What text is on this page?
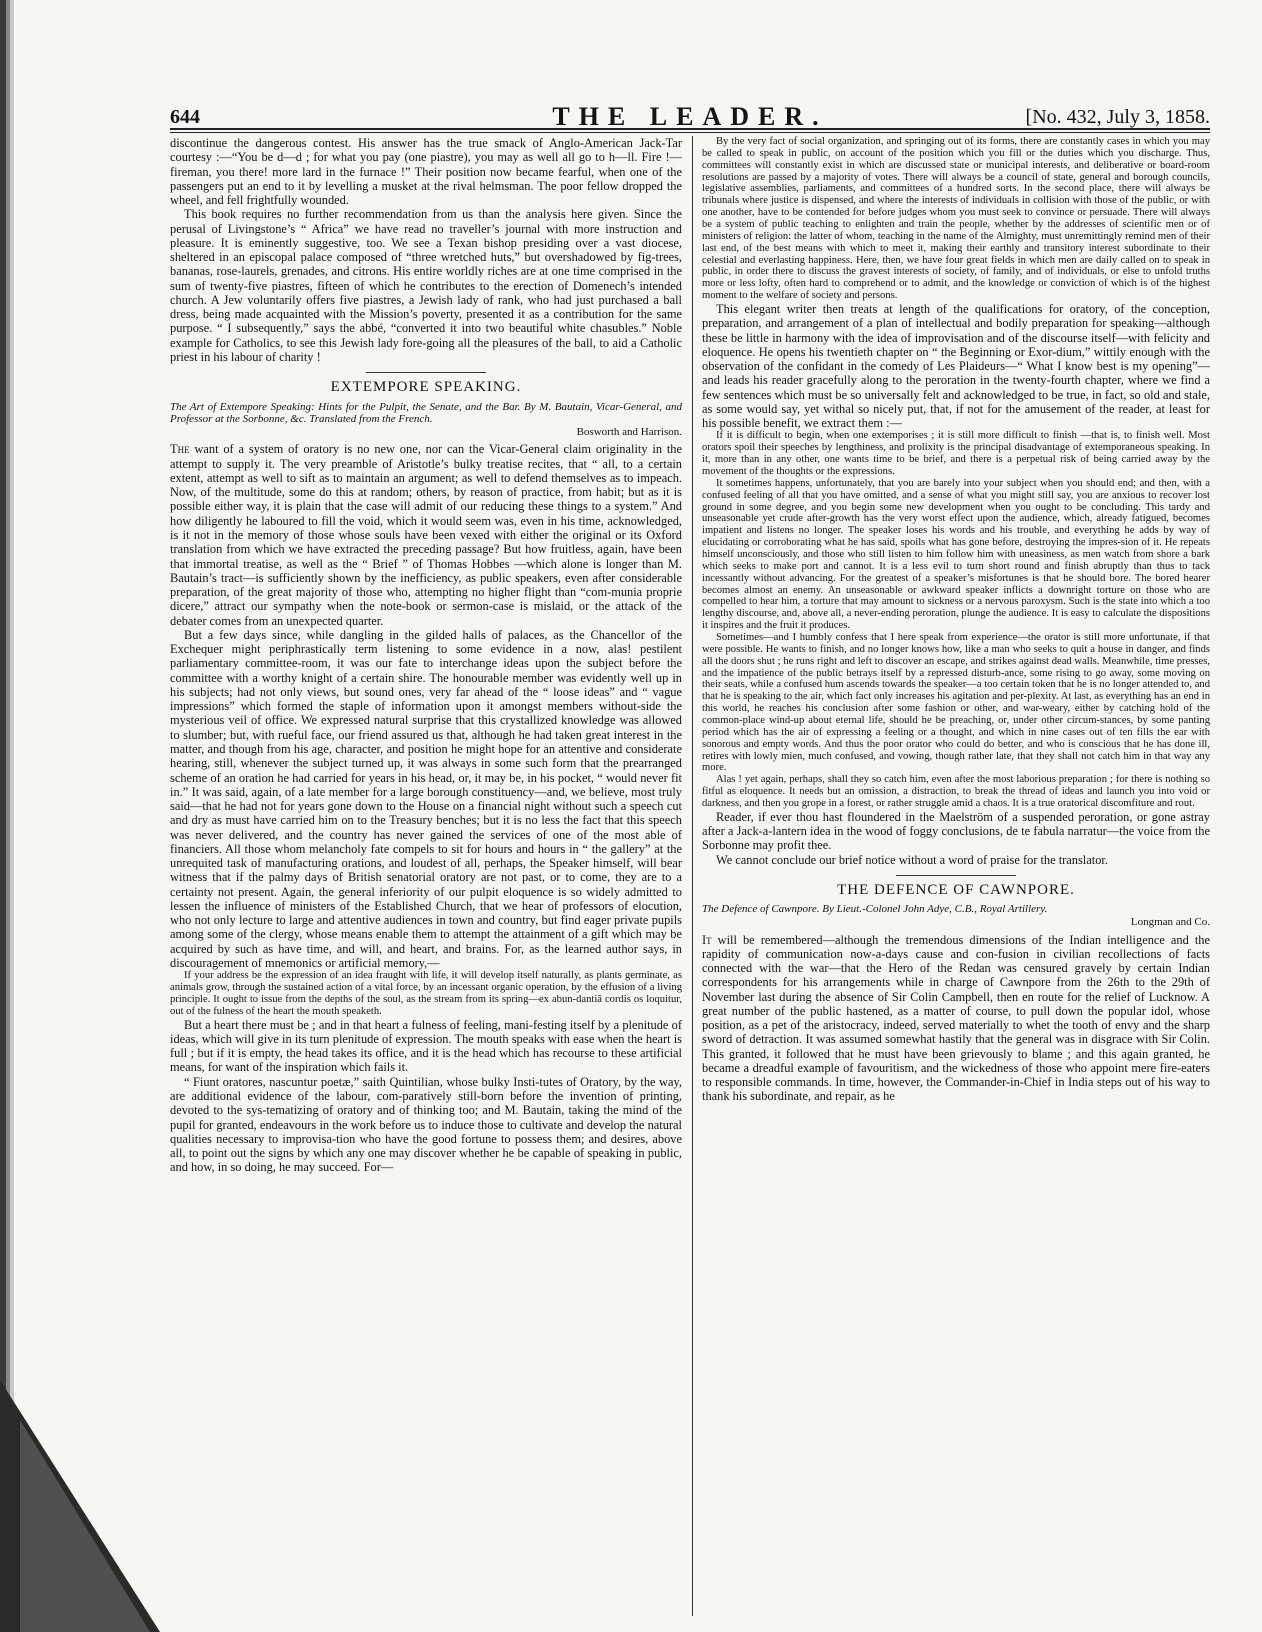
644	THE LEADER.	[No. 432, July 3, 1858.

discontinue the dangerous contest. His answer has the true smack of Anglo-American Jack-Tar courtesy :—“You be d—d ; for what you pay (one piastre), you may as well all go to h—ll. Fire !—fireman, you there! more lard in the furnace !” Their position now became fearful, when one of the passengers put an end to it by levelling a musket at the rival helmsman. The poor fellow dropped the wheel, and fell frightfully wounded.

This book requires no further recommendation from us than the analysis here given. Since the perusal of Livingstone’s “ Africa” we have read no traveller’s journal with more instruction and pleasure. It is eminently suggestive, too. We see a Texan bishop presiding over a vast diocese, sheltered in an episcopal palace composed of “three wretched huts,” but overshadowed by fig-trees, bananas, rose-laurels, grenades, and citrons. His entire worldly riches are at one time comprised in the sum of twenty-five piastres, fifteen of which he contributes to the erection of Domenech’s intended church. A Jew voluntarily offers five piastres, a Jewish lady of rank, who had just purchased a ball dress, being made acquainted with the Mission’s poverty, presented it as a contribution for the same purpose. “ I subsequently,” says the abbé, “converted it into two beautiful white chasubles.” Noble example for Catholics, to see this Jewish lady fore-going all the pleasures of the ball, to aid a Catholic priest in his labour of charity !

EXTEMPORE SPEAKING.

The Art of Extempore Speaking: Hints for the Pulpit, the Senate, and the Bar. By M. Bautain, Vicar-General, and Professor at the Sorbonne, &c. Translated from the French.
Bosworth and Harrison.

The want of a system of oratory is no new one, nor can the Vicar-General claim originality in the attempt to supply it. The very preamble of Aristotle’s bulky treatise recites, that “ all, to a certain extent, attempt as well to sift as to maintain an argument; as well to defend themselves as to impeach. Now, of the multitude, some do this at random; others, by reason of practice, from habit; but as it is possible either way, it is plain that the case will admit of our reducing these things to a system.” And how diligently he laboured to fill the void, which it would seem was, even in his time, acknowledged, is it not in the memory of those whose souls have been vexed with either the original or its Oxford translation from which we have extracted the preceding passage? But how fruitless, again, have been that immortal treatise, as well as the “ Brief ” of Thomas Hobbes —which alone is longer than M. Bautain’s tract—is sufficiently shown by the inefficiency, as public speakers, even after considerable preparation, of the great majority of those who, attempting no higher flight than “com-munia proprie dicere,” attract our sympathy when the note-book or sermon-case is mislaid, or the attack of the debater comes from an unexpected quarter.

But a few days since, while dangling in the gilded halls of palaces, as the Chancellor of the Exchequer might periphrastically term listening to some evidence in a now, alas! pestilent parliamentary committee-room, it was our fate to interchange ideas upon the subject before the committee with a worthy knight of a certain shire. The honourable member was evidently well up in his subjects; had not only views, but sound ones, very far ahead of the “ loose ideas” and “ vague impressions” which formed the staple of information upon it amongst members without-side the mysterious veil of office. We expressed natural surprise that this crystallized knowledge was allowed to slumber; but, with rueful face, our friend assured us that, although he had taken great interest in the matter, and though from his age, character, and position he might hope for an attentive and considerate hearing, still, whenever the subject turned up, it was always in some such form that the prearranged scheme of an oration he had carried for years in his head, or, it may be, in his pocket, “ would never fit in.” It was said, again, of a late member for a large borough constituency—and, we believe, most truly said—that he had not for years gone down to the House on a financial night without such a speech cut and dry as must have carried him on to the Treasury benches; but it is no less the fact that this speech was never delivered, and the country has never gained the services of one of the most able of financiers. All those whom melancholy fate compels to sit for hours and hours in “ the gallery” at the unrequited task of manufacturing orations, and loudest of all, perhaps, the Speaker himself, will bear witness that if the palmy days of British senatorial oratory are not past, or to come, they are to a certainty not present. Again, the general inferiority of our pulpit eloquence is so widely admitted to lessen the influence of ministers of the Established Church, that we hear of professors of elocution, who not only lecture to large and attentive audiences in town and country, but find eager private pupils among some of the clergy, whose means enable them to attempt the attainment of a gift which may be acquired by such as have time, and will, and heart, and brains. For, as the learned author says, in discouragement of mnemonics or artificial memory,—

If your address be the expression of an idea fraught with life, it will develop itself naturally, as plants germinate, as animals grow, through the sustained action of a vital force, by an incessant organic operation, by the effusion of a living principle. It ought to issue from the depths of the soul, as the stream from its spring—ex abun-dantiâ cordis os loquitur, out of the fulness of the heart the mouth speaketh.

But a heart there must be ; and in that heart a fulness of feeling, mani-festing itself by a plenitude of ideas, which will give in its turn plenitude of expression. The mouth speaks with ease when the heart is full ; but if it is empty, the head takes its office, and it is the head which has recourse to these artificial means, for want of the inspiration which fails it.

“ Fiunt oratores, nascuntur poetæ,” saith Quintilian, whose bulky Insti-tutes of Oratory, by the way, are additional evidence of the labour, com-paratively still-born before the invention of printing, devoted to the sys-tematizing of oratory and of thinking too; and M. Bautain, taking the mind of the pupil for granted, endeavours in the work before us to induce those to cultivate and develop the natural qualities necessary to improvisa-tion who have the good fortune to possess them; and desires, above all, to point out the signs by which any one may discover whether he be capable of speaking in public, and how, in so doing, he may succeed. For—

By the very fact of social organization, and springing out of its forms, there are constantly cases in which you may be called to speak in public, on account of the position which you fill or the duties which you discharge. Thus, committees will constantly exist in which are discussed state or municipal interests, and deliberative or board-room resolutions are passed by a majority of votes. There will always be a council of state, general and borough councils, legislative assemblies, parliaments, and committees of a hundred sorts. In the second place, there will always be tribunals where justice is dispensed, and where the interests of individuals in collision with those of the public, or with one another, have to be contended for before judges whom you must seek to convince or persuade. There will always be a system of public teaching to enlighten and train the people, whether by the addresses of scientific men or of ministers of religion: the latter of whom, teaching in the name of the Almighty, must unremittingly remind men of their last end, of the best means with which to meet it, making their earthly and transitory interest subordinate to their celestial and everlasting happiness. Here, then, we have four great fields in which men are daily called on to speak in public, in order there to discuss the gravest interests of society, of family, and of individuals, or else to unfold truths more or less lofty, often hard to comprehend or to admit, and the knowledge or conviction of which is of the highest moment to the welfare of society and persons.

This elegant writer then treats at length of the qualifications for oratory, of the conception, preparation, and arrangement of a plan of intellectual and bodily preparation for speaking—although these be little in harmony with the idea of improvisation and of the discourse itself—with felicity and eloquence. He opens his twentieth chapter on “ the Beginning or Exor-dium,” wittily enough with the observation of the confidant in the comedy of Les Plaideurs—“ What I know best is my opening”—and leads his reader gracefully along to the peroration in the twenty-fourth chapter, where we find a few sentences which must be so universally felt and acknowledged to be true, in fact, so old and stale, as some would say, yet withal so nicely put, that, if not for the amusement of the reader, at least for his possible benefit, we extract them :—

If it is difficult to begin, when one extemporises ; it is still more difficult to finish —that is, to finish well. Most orators spoil their speeches by lengthiness, and prolixity is the principal disadvantage of extemporaneous speaking. In it, more than in any other, one wants time to be brief, and there is a perpetual risk of being carried away by the movement of the thoughts or the expressions.

It sometimes happens, unfortunately, that you are barely into your subject when you should end; and then, with a confused feeling of all that you have omitted, and a sense of what you might still say, you are anxious to recover lost ground in some degree, and you begin some new development when you ought to be concluding. This tardy and unseasonable yet crude after-growth has the very worst effect upon the audience, which, already fatigued, becomes impatient and listens no longer. The speaker loses his words and his trouble, and everything he adds by way of elucidating or corroborating what he has said, spoils what has gone before, destroying the impres-sion of it. He repeats himself unconsciously, and those who still listen to him follow him with uneasiness, as men watch from shore a bark which seeks to make port and cannot. It is a less evil to turn short round and finish abruptly than thus to tack incessantly without advancing. For the greatest of a speaker’s misfortunes is that he should bore. The bored hearer becomes almost an enemy. An unseasonable or awkward speaker inflicts a downright torture on those who are compelled to hear him, a torture that may amount to sickness or a nervous paroxysm. Such is the state into which a too lengthy discourse, and, above all, a never-ending peroration, plunge the audience. It is easy to calculate the dispositions it inspires and the fruit it produces.

Sometimes—and I humbly confess that I here speak from experience—the orator is still more unfortunate, if that were possible. He wants to finish, and no longer knows how, like a man who seeks to quit a house in danger, and finds all the doors shut ; he runs right and left to discover an escape, and strikes against dead walls. Meanwhile, time presses, and the impatience of the public betrays itself by a repressed disturb-ance, some rising to go away, some moving on their seats, while a confused hum ascends towards the speaker—a too certain token that he is no longer attended to, and that he is speaking to the air, which fact only increases his agitation and per-plexity. At last, as everything has an end in this world, he reaches his conclusion after some fashion or other, and war-weary, either by catching hold of the common-place wind-up about eternal life, should he be preaching, or, under other circum-stances, by some panting period which has the air of expressing a feeling or a thought, and which in nine cases out of ten fills the ear with sonorous and empty words. And thus the poor orator who could do better, and who is conscious that he has done ill, retires with lowly mien, much confused, and vowing, though rather late, that they shall not catch him in that way any more.

Alas ! yet again, perhaps, shall they so catch him, even after the most laborious preparation ; for there is nothing so fitful as eloquence. It needs but an omission, a distraction, to break the thread of ideas and launch you into void or darkness, and then you grope in a forest, or rather struggle amid a chaos. It is a true oratorical discomfiture and rout.

Reader, if ever thou hast floundered in the Maelström of a suspended peroration, or gone astray after a Jack-a-lantern idea in the wood of foggy conclusions, de te fabula narratur—the voice from the Sorbonne may profit thee.

We cannot conclude our brief notice without a word of praise for the translator.

THE DEFENCE OF CAWNPORE.

The Defence of Cawnpore. By Lieut.-Colonel John Adye, C.B., Royal Artillery.
Longman and Co.

It will be remembered—although the tremendous dimensions of the Indian intelligence and the rapidity of communication now-a-days cause and con-fusion in civilian recollections of facts connected with the war—that the Hero of the Redan was censured gravely by certain Indian correspondents for his arrangements while in charge of Cawnpore from the 26th to the 29th of November last during the absence of Sir Colin Campbell, then en route for the relief of Lucknow. A great number of the public hastened, as a matter of course, to pull down the popular idol, whose position, as a pet of the aristocracy, indeed, served materially to whet the tooth of envy and the sharp sword of detraction. It was assumed somewhat hastily that the general was in disgrace with Sir Colin. This granted, it followed that he must have been grievously to blame ; and this again granted, he became a dreadful example of favouritism, and the wickedness of those who appoint mere fire-eaters to responsible commands. In time, however, the Commander-in-Chief in India steps out of his way to thank his subordinate, and repair, as he
